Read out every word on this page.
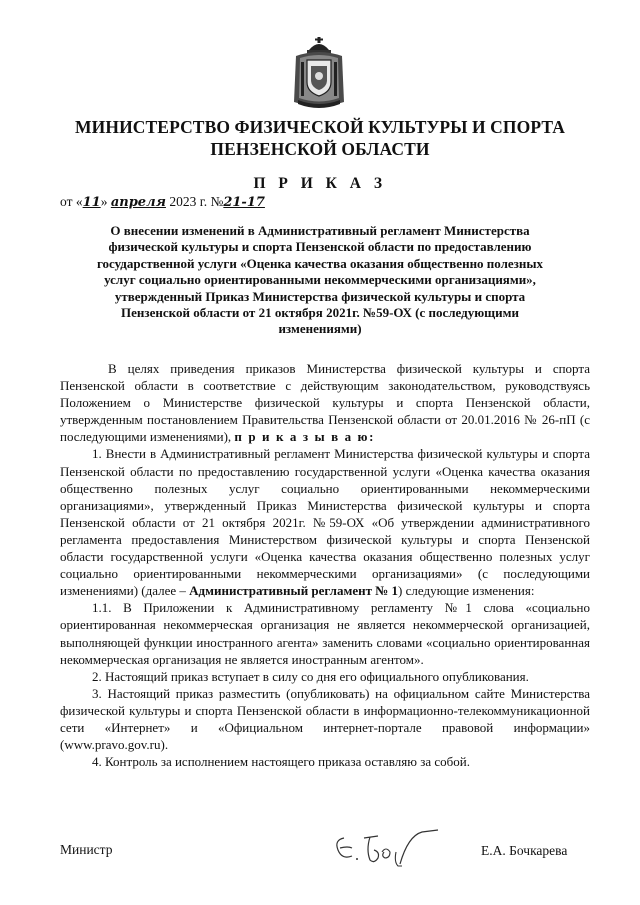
МИНИСТЕРСТВО ФИЗИЧЕСКОЙ КУЛЬТУРЫ И СПОРТА
ПЕНЗЕНСКОЙ ОБЛАСТИ
П Р И К А З
от «11» апреля 2023 г. №21-17
О внесении изменений в Административный регламент Министерства
физической культуры и спорта Пензенской области по предоставлению
государственной услуги «Оценка качества оказания общественно полезных
услуг социально ориентированными некоммерческими организациями»,
утвержденный Приказ Министерства физической культуры и спорта
Пензенской области от 21 октября 2021г. №59-ОХ (с последующими
изменениями)

В целях приведения приказов Министерства физической культуры и спорта Пензенской области в соответствие с действующим законодательством, руководствуясь Положением о Министерстве физической культуры и спорта Пензенской области, утвержденным постановлением Правительства Пензенской области от 20.01.2016 № 26-пП (с последующими изменениями), п р и к а з ы в а ю:

1. Внести в Административный регламент Министерства физической культуры и спорта Пензенской области по предоставлению государственной услуги «Оценка качества оказания общественно полезных услуг социально ориентированными некоммерческими организациями», утвержденный Приказ Министерства физической культуры и спорта Пензенской области от 21 октября 2021г. №59-ОХ «Об утверждении административного регламента предоставления Министерством физической культуры и спорта Пензенской области государственной услуги «Оценка качества оказания общественно полезных услуг социально ориентированными некоммерческими организациями» (с последующими изменениями) (далее – Административный регламент № 1) следующие изменения:

1.1. В Приложении к Административному регламенту №1 слова «социально ориентированная некоммерческая организация не является некоммерческой организацией, выполняющей функции иностранного агента» заменить словами «социально ориентированная некоммерческая организация не является иностранным агентом».

2. Настоящий приказ вступает в силу со дня его официального опубликования.

3. Настоящий приказ разместить (опубликовать) на официальном сайте Министерства физической культуры и спорта Пензенской области в информационно-телекоммуникационной сети «Интернет» и «Официальном интернет-портале правовой информации» (www.pravo.gov.ru).

4. Контроль за исполнением настоящего приказа оставляю за собой.

Министр	Е.А. Бочкарева
